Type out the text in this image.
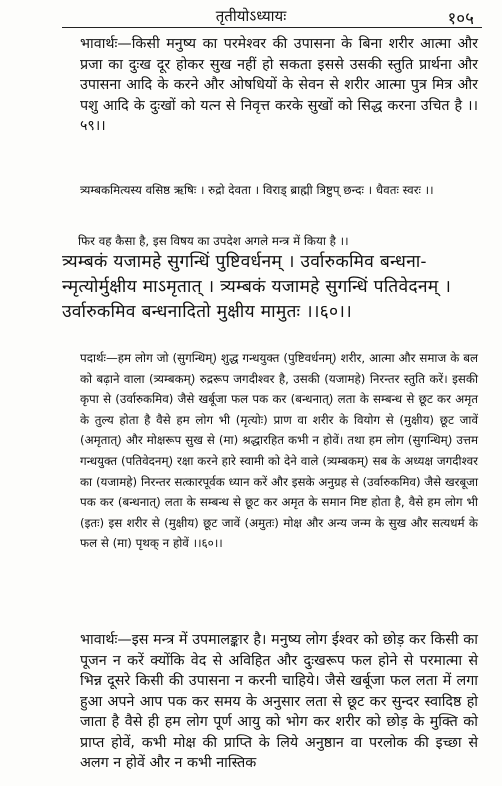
तृतीयोऽध्यायः	१०५
भावार्थः—किसी मनुष्य का परमेश्वर की उपासना के बिना शरीर आत्मा और प्रजा का दुःख दूर होकर सुख नहीं हो सकता इससे उसकी स्तुति प्रार्थना और उपासना आदि के करने और ओषधियों के सेवन से शरीर आत्मा पुत्र मित्र और पशु आदि के दुःखों को यत्न से निवृत्त करके सुखों को सिद्ध करना उचित है ।।५९।।
त्र्यम्बकमित्यस्य वसिष्ठ ऋषिः । रुद्रो देवता । विराड् ब्राह्मी त्रिष्टुप् छन्दः । धैवतः स्वरः ।।
फिर वह कैसा है, इस विषय का उपदेश अगले मन्त्र में किया है ।।
त्र्यम्बकं यजामहे सुगन्धिं पुष्टिवर्धनम् । उर्वारुकमिव बन्धना-
न्मृत्योर्मुक्षीय माऽमृतात् । त्र्यम्बकं यजामहे सुगन्धिं पतिवेदनम् ।
उर्वारुकमिव बन्धनादितो मुक्षीय मामुतः ।।६०।।
पदार्थः—हम लोग जो (सुगन्धिम्) शुद्ध गन्धयुक्त (पुष्टिवर्धनम्) शरीर, आत्मा और समाज के बल को बढ़ाने वाला (त्र्यम्बकम्) रुद्ररूप जगदीश्वर है, उसकी (यजामहे) निरन्तर स्तुति करें। इसकी कृपा से (उर्वारुकमिव) जैसे खर्बूजा फल पक कर (बन्धनात्) लता के सम्बन्ध से छूट कर अमृत के तुल्य होता है वैसे हम लोग भी (मृत्योः) प्राण वा शरीर के वियोग से (मुक्षीय) छूट जावें (अमृतात्) और मोक्षरूप सुख से (मा) श्रद्धारहित कभी न होवें। तथा हम लोग (सुगन्धिम्) उत्तम गन्धयुक्त (पतिवेदनम्) रक्षा करने हारे स्वामी को देने वाले (त्र्यम्बकम्) सब के अध्यक्ष जगदीश्वर का (यजामहे) निरन्तर सत्कारपूर्वक ध्यान करें और इसके अनुग्रह से (उर्वारुकमिव) जैसे खरबूजा पक कर (बन्धनात्) लता के सम्बन्ध से छूट कर अमृत के समान मिष्ट होता है, वैसे हम लोग भी (इतः) इस शरीर से (मुक्षीय) छूट जावें (अमुतः) मोक्ष और अन्य जन्म के सुख और सत्यधर्म के फल से (मा) पृथक् न होवें ।।६०।।
भावार्थः—इस मन्त्र में उपमालङ्कार है। मनुष्य लोग ईश्वर को छोड़ कर किसी का पूजन न करें क्योंकि वेद से अविहित और दुःखरूप फल होने से परमात्मा से भिन्न दूसरे किसी की उपासना न करनी चाहिये। जैसे खर्बूजा फल लता में लगा हुआ अपने आप पक कर समय के अनुसार लता से छूट कर सुन्दर स्वादिष्ठ हो जाता है वैसे ही हम लोग पूर्ण आयु को भोग कर शरीर को छोड़ के मुक्ति को प्राप्त होवें, कभी मोक्ष की प्राप्ति के लिये अनुष्ठान वा परलोक की इच्छा से अलग न होवें और न कभी नास्तिक
